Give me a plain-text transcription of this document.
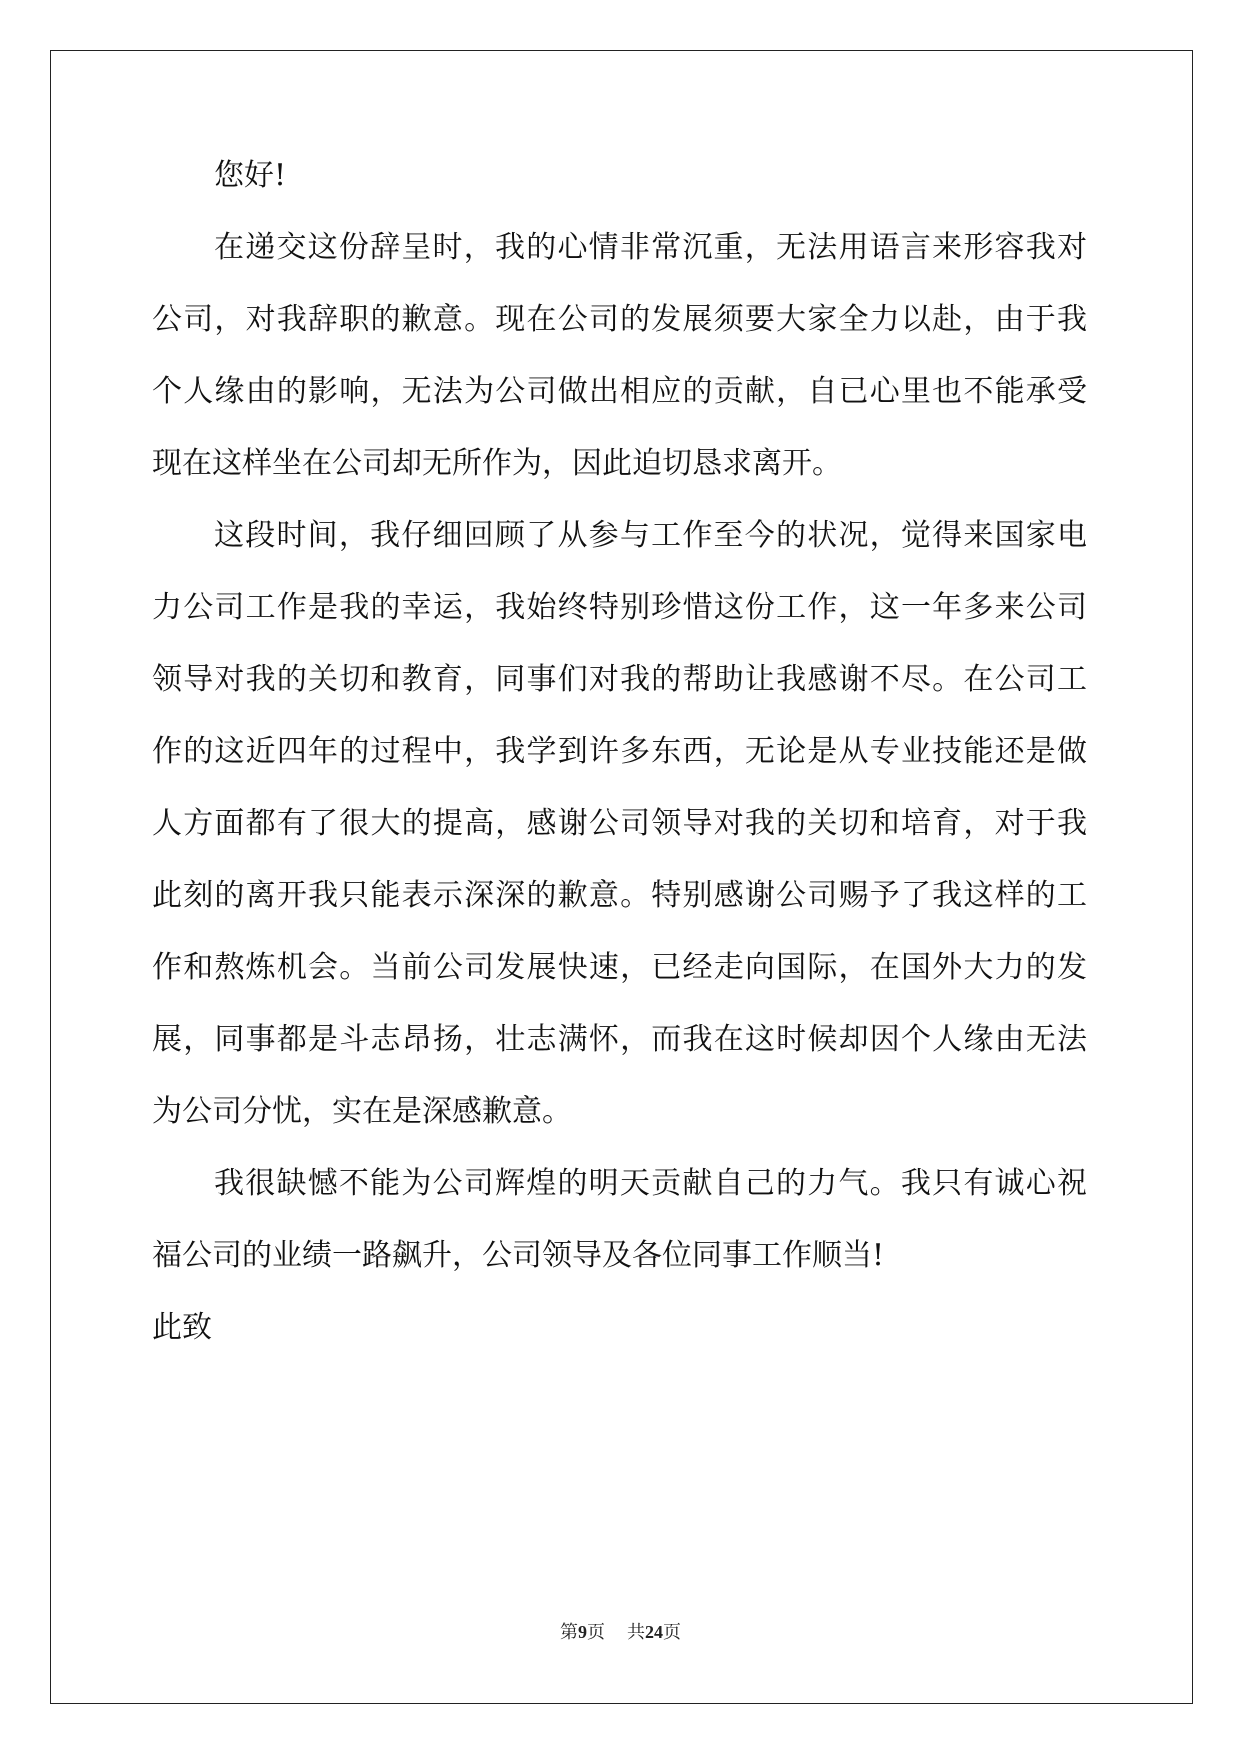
您好!
在递交这份辞呈时，我的心情非常沉重，无法用语言来形容我对
公司，对我辞职的歉意。现在公司的发展须要大家全力以赴，由于我
个人缘由的影响，无法为公司做出相应的贡献，自已心里也不能承受
现在这样坐在公司却无所作为，因此迫切恳求离开。
这段时间，我仔细回顾了从参与工作至今的状况，觉得来国家电
力公司工作是我的幸运，我始终特别珍惜这份工作，这一年多来公司
领导对我的关切和教育，同事们对我的帮助让我感谢不尽。在公司工
作的这近四年的过程中，我学到许多东西，无论是从专业技能还是做
人方面都有了很大的提高，感谢公司领导对我的关切和培育，对于我
此刻的离开我只能表示深深的歉意。特别感谢公司赐予了我这样的工
作和熬炼机会。当前公司发展快速，已经走向国际，在国外大力的发
展，同事都是斗志昂扬，壮志满怀，而我在这时候却因个人缘由无法
为公司分忧，实在是深感歉意。
我很缺憾不能为公司辉煌的明天贡献自己的力气。我只有诚心祝
福公司的业绩一路飙升，公司领导及各位同事工作顺当!
此致
第9页 共24页
